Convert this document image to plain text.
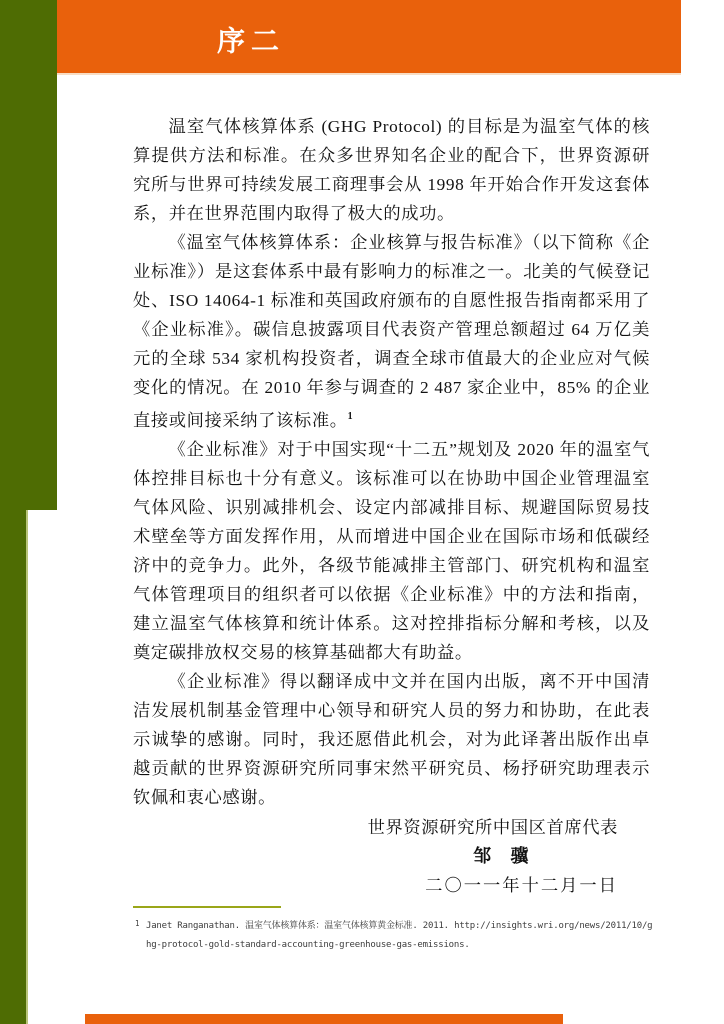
序二

温室气体核算体系 (GHG Protocol) 的目标是为温室气体的核算提供方法和标准。在众多世界知名企业的配合下，世界资源研究所与世界可持续发展工商理事会从 1998 年开始合作开发这套体系，并在世界范围内取得了极大的成功。

《温室气体核算体系：企业核算与报告标准》（以下简称《企业标准》）是这套体系中最有影响力的标准之一。北美的气候登记处、ISO 14064-1 标准和英国政府颁布的自愿性报告指南都采用了《企业标准》。碳信息披露项目代表资产管理总额超过 64 万亿美元的全球 534 家机构投资者，调查全球市值最大的企业应对气候变化的情况。在 2010 年参与调查的 2 487 家企业中，85% 的企业直接或间接采纳了该标准。$^1$

《企业标准》对于中国实现“十二五”规划及 2020 年的温室气体控排目标也十分有意义。该标准可以在协助中国企业管理温室气体风险、识别减排机会、设定内部减排目标、规避国际贸易技术壁垒等方面发挥作用，从而增进中国企业在国际市场和低碳经济中的竞争力。此外，各级节能减排主管部门、研究机构和温室气体管理项目的组织者可以依据《企业标准》中的方法和指南，建立温室气体核算和统计体系。这对控排指标分解和考核，以及奠定碳排放权交易的核算基础都大有助益。

《企业标准》得以翻译成中文并在国内出版，离不开中国清洁发展机制基金管理中心领导和研究人员的努力和协助，在此表示诚挚的感谢。同时，我还愿借此机会，对为此译著出版作出卓越贡献的世界资源研究所同事宋然平研究员、杨抒研究助理表示钦佩和衷心感谢。

世界资源研究所中国区首席代表

邹　骥

二〇一一年十二月一日

1 Janet Ranganathan. 温室气体核算体系：温室气体核算黄金标准. 2011. http://insights.wri.org/news/2011/10/ghg-protocol-gold-standard-accounting-greenhouse-gas-emissions.
